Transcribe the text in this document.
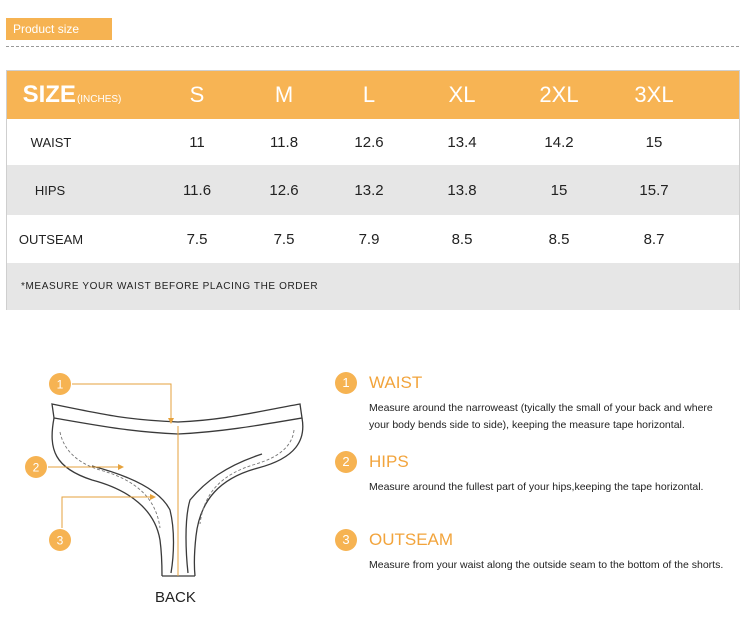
Product size
SIZE (INCHES)	S	M	L	XL	2XL	3XL
WAIST	11	11.8	12.6	13.4	14.2	15
HIPS	11.6	12.6	13.2	13.8	15	15.7
OUTSEAM	7.5	7.5	7.9	8.5	8.5	8.7
*MEASURE YOUR WAIST BEFORE PLACING THE ORDER
1
2
3
BACK
1	WAIST
Measure around the narroweast (tyically the small of your back and where your body bends side to side), keeping the measure tape horizontal.
2	HIPS
Measure around the fullest part of your hips,keeping the tape horizontal.
3	OUTSEAM
Measure from your waist along the outside seam to the bottom of the shorts.
